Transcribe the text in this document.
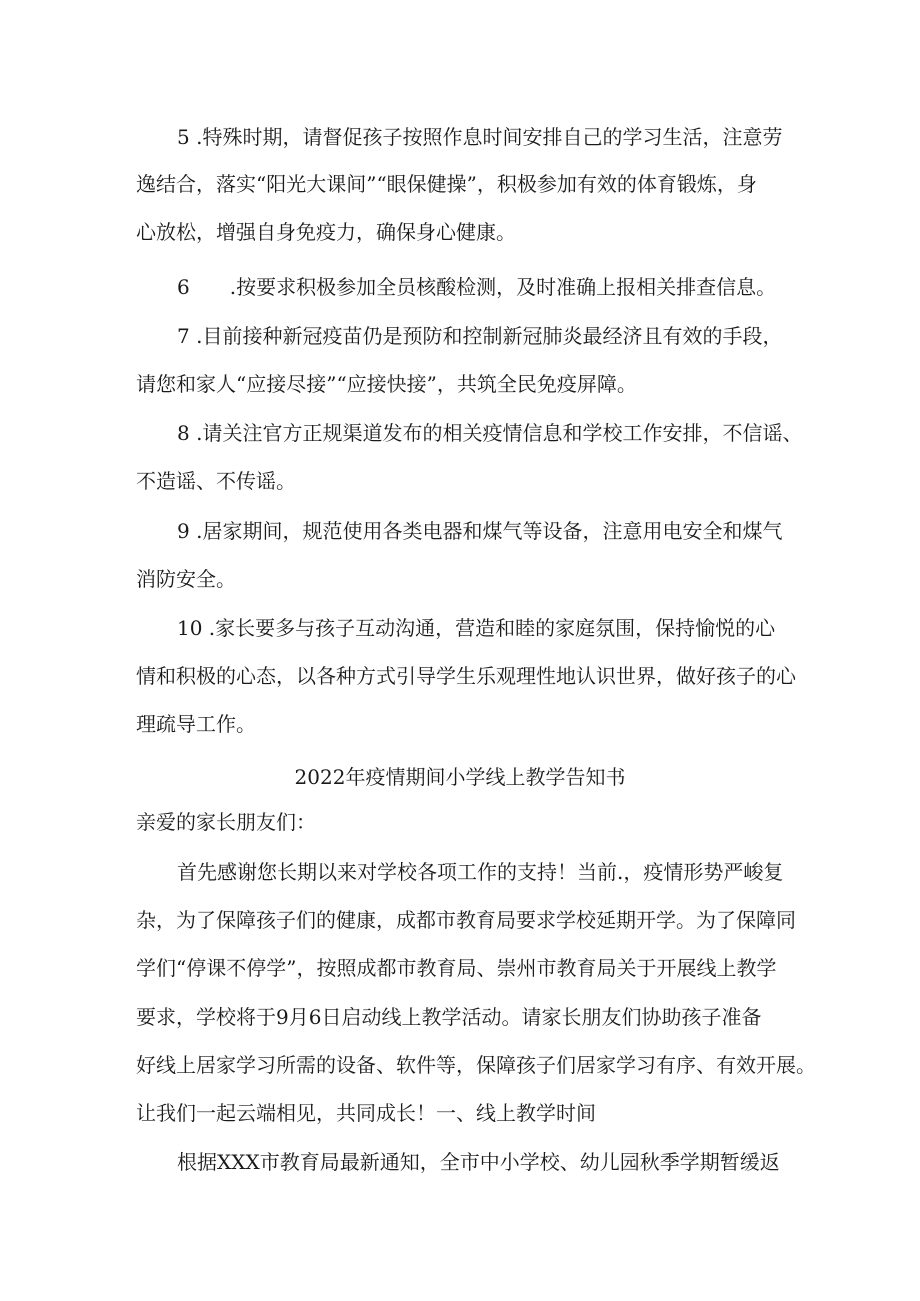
5 .特殊时期，请督促孩子按照作息时间安排自己的学习生活，注意劳
逸结合，落实“阳光大课间”“眼保健操”，积极参加有效的体育锻炼，身
心放松，增强自身免疫力，确保身心健康。
6　　.按要求积极参加全员核酸检测，及时准确上报相关排查信息。
7 .目前接种新冠疫苗仍是预防和控制新冠肺炎最经济且有效的手段，
请您和家人“应接尽接”“应接快接”，共筑全民免疫屏障。
8 .请关注官方正规渠道发布的相关疫情信息和学校工作安排，不信谣、
不造谣、不传谣。
9 .居家期间，规范使用各类电器和煤气等设备，注意用电安全和煤气
消防安全。
10 .家长要多与孩子互动沟通，营造和睦的家庭氛围，保持愉悦的心
情和积极的心态，以各种方式引导学生乐观理性地认识世界，做好孩子的心
理疏导工作。
2022年疫情期间小学线上教学告知书
亲爱的家长朋友们：
首先感谢您长期以来对学校各项工作的支持！当前.，疫情形势严峻复
杂，为了保障孩子们的健康，成都市教育局要求学校延期开学。为了保障同
学们“停课不停学”，按照成都市教育局、崇州市教育局关于开展线上教学
要求，学校将于9月6日启动线上教学活动。请家长朋友们协助孩子准备
好线上居家学习所需的设备、软件等，保障孩子们居家学习有序、有效开展。
让我们一起云端相见，共同成长！一、线上教学时间
根据XXX市教育局最新通知，全市中小学校、幼儿园秋季学期暂缓返
